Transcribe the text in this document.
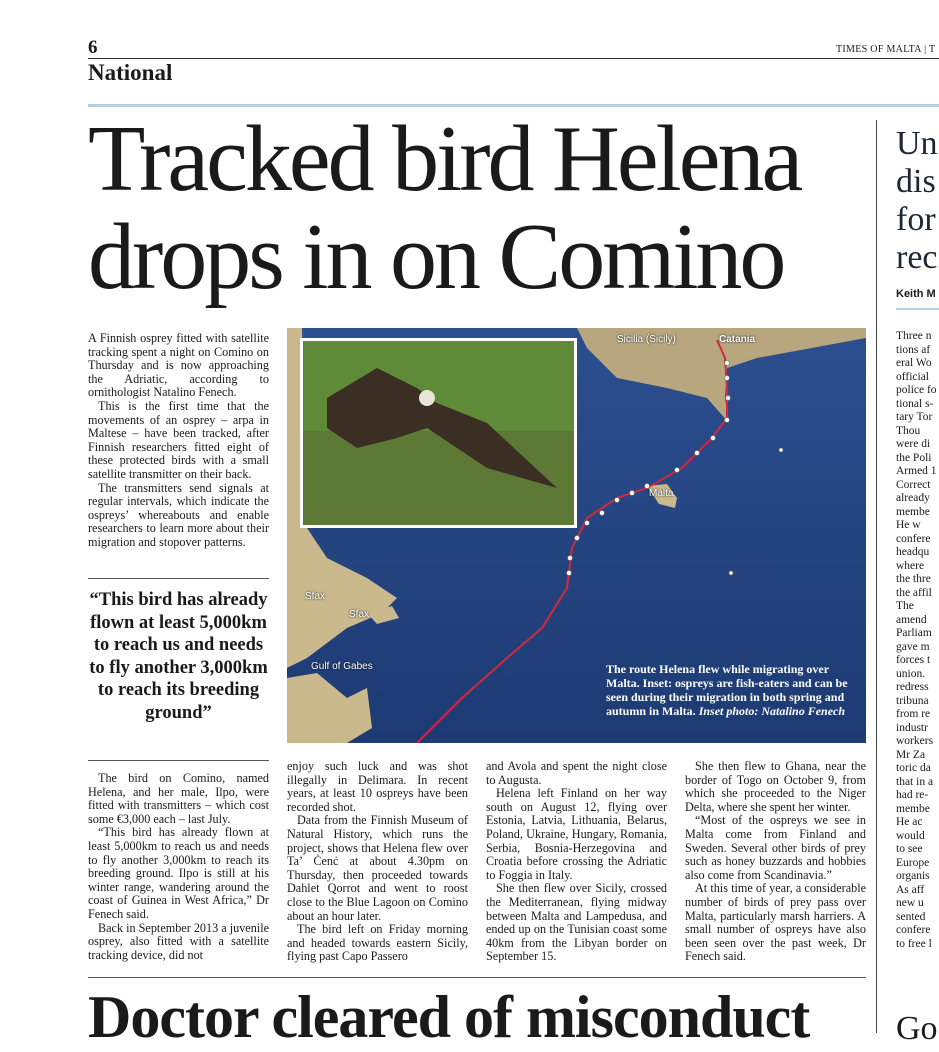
6
National
TIMES OF MALTA | T
Tracked bird Helena
drops in on Comino

A Finnish osprey fitted with satellite tracking spent a night on Comino on Thursday and is now approaching the Adriatic, according to ornithologist Natalino Fenech.

This is the first time that the movements of an osprey – arpa in Maltese – have been tracked, after Finnish researchers fitted eight of these protected birds with a small satellite transmitter on their back.

The transmitters send signals at regular intervals, which indicate the ospreys’ whereabouts and enable researchers to learn more about their migration and stopover patterns.

“This bird has already flown at least 5,000km to reach us and needs to fly another 3,000km to reach its breeding ground”
Sicilia (Sicily)	Catania
Malta
Sfax
Sfax
Gulf of Gabes	The route Helena flew while migrating over Malta. Inset: ospreys are fish-eaters and can be seen during their migration in both spring and autumn in Malta. Inset photo: Natalino Fenech

The bird on Comino, named Helena, and her male, Ilpo, were fitted with transmitters – which cost some €3,000 each – last July.

“This bird has already flown at least 5,000km to reach us and needs to fly another 3,000km to reach its breeding ground. Ilpo is still at his winter range, wandering around the coast of Guinea in West Africa,” Dr Fenech said.

Back in September 2013 a juvenile osprey, also fitted with a satellite tracking device, did not

enjoy such luck and was shot illegally in Delimara. In recent years, at least 10 ospreys have been recorded shot.

Data from the Finnish Museum of Natural History, which runs the project, shows that Helena flew over Ta’ Ċenċ at about 4.30pm on Thursday, then proceeded towards Dahlet Qorrot and went to roost close to the Blue Lagoon on Comino about an hour later.

The bird left on Friday morning and headed towards eastern Sicily, flying past Capo Passero

and Avola and spent the night close to Augusta.

Helena left Finland on her way south on August 12, flying over Estonia, Latvia, Lithuania, Belarus, Poland, Ukraine, Hungary, Romania, Serbia, Bosnia-Herzegovina and Croatia before crossing the Adriatic to Foggia in Italy.

She then flew over Sicily, crossed the Mediterranean, flying midway between Malta and Lampedusa, and ended up on the Tunisian coast some 40km from the Libyan border on September 15.

She then flew to Ghana, near the border of Togo on October 9, from which she proceeded to the Niger Delta, where she spent her winter.

“Most of the ospreys we see in Malta come from Finland and Sweden. Several other birds of prey such as honey buzzards and hobbies also come from Scandinavia.”

At this time of year, a considerable number of birds of prey pass over Malta, particularly marsh harriers. A small number of ospreys have also been seen over the past week, Dr Fenech said.

Doctor cleared of misconduct
Un
dis
for
rec
Keith M
Three n
tions af
eral Wo
official
police fo
tional s-
tary Tor
Thou
were di
the Poli
Armed 1
Correct
already
membe
He w
confere
headqu
where
the thre
the affil
The
amend
Parliam
gave m
forces t
union.
redress
tribuna
from re
industr
workers
Mr Za
toric da
that in a
had re-
membe
He ac
would
to see
Europe
organis
As aff
new u
sented
confere
to free l
Go
